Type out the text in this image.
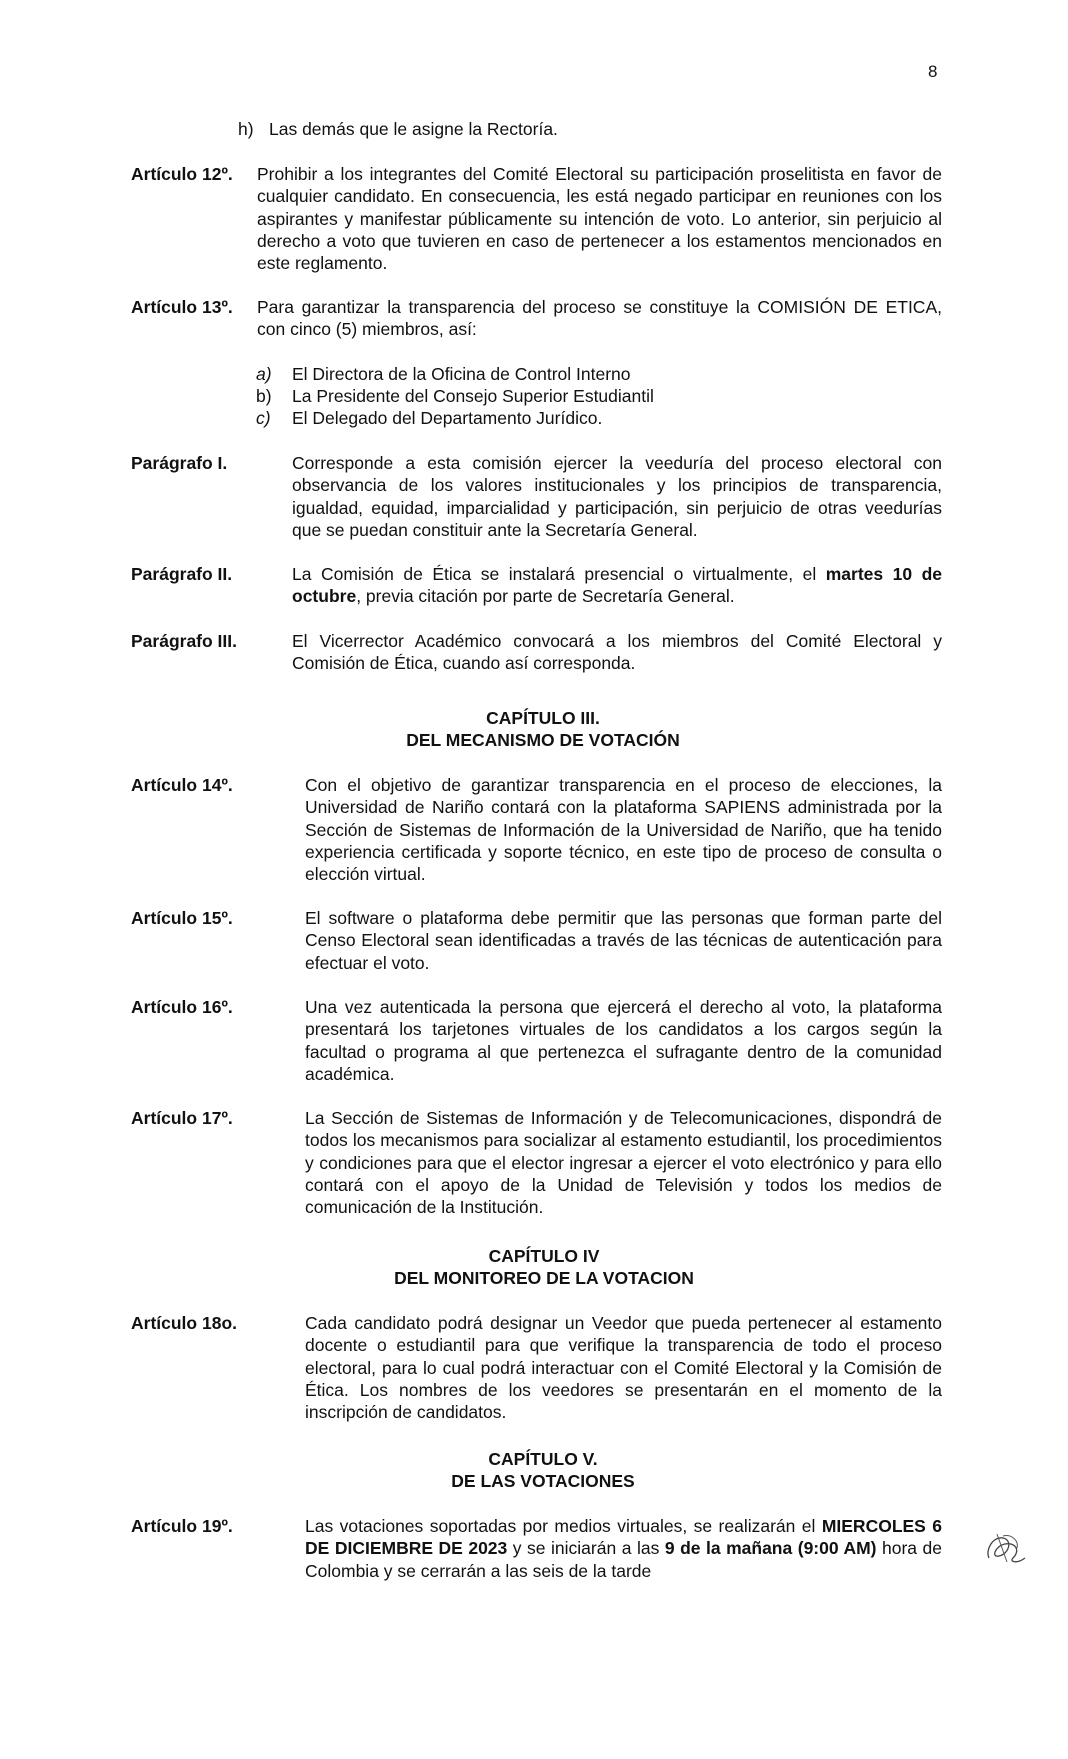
8
h) Las demás que le asigne la Rectoría.
Artículo 12º. Prohibir a los integrantes del Comité Electoral su participación proselitista en favor de cualquier candidato. En consecuencia, les está negado participar en reuniones con los aspirantes y manifestar públicamente su intención de voto. Lo anterior, sin perjuicio al derecho a voto que tuvieren en caso de pertenecer a los estamentos mencionados en este reglamento.
Artículo 13º. Para garantizar la transparencia del proceso se constituye la COMISIÓN DE ETICA, con cinco (5) miembros, así:
a) El Directora de la Oficina de Control Interno
b) La Presidente del Consejo Superior Estudiantil
c) El Delegado del Departamento Jurídico.
Parágrafo I.	Corresponde a esta comisión ejercer la veeduría del proceso electoral con observancia de los valores institucionales y los principios de transparencia, igualdad, equidad, imparcialidad y participación, sin perjuicio de otras veedurías que se puedan constituir ante la Secretaría General.
Parágrafo II.	La Comisión de Ética se instalará presencial o virtualmente, el martes 10 de octubre, previa citación por parte de Secretaría General.
Parágrafo III.	El Vicerrector Académico convocará a los miembros del Comité Electoral y Comisión de Ética, cuando así corresponda.
CAPÍTULO III.
DEL MECANISMO DE VOTACIÓN
Artículo 14º.	Con el objetivo de garantizar transparencia en el proceso de elecciones, la Universidad de Nariño contará con la plataforma SAPIENS administrada por la Sección de Sistemas de Información de la Universidad de Nariño, que ha tenido experiencia certificada y soporte técnico, en este tipo de proceso de consulta o elección virtual.
Artículo 15º.	El software o plataforma debe permitir que las personas que forman parte del Censo Electoral sean identificadas a través de las técnicas de autenticación para efectuar el voto.
Artículo 16º.	Una vez autenticada la persona que ejercerá el derecho al voto, la plataforma presentará los tarjetones virtuales de los candidatos a los cargos según la facultad o programa al que pertenezca el sufragante dentro de la comunidad académica.
Artículo 17º.	La Sección de Sistemas de Información y de Telecomunicaciones, dispondrá de todos los mecanismos para socializar al estamento estudiantil, los procedimientos y condiciones para que el elector ingresar a ejercer el voto electrónico y para ello contará con el apoyo de la Unidad de Televisión y todos los medios de comunicación de la Institución.
CAPÍTULO IV
DEL MONITOREO DE LA VOTACION
Artículo 18o.	Cada candidato podrá designar un Veedor que pueda pertenecer al estamento docente o estudiantil para que verifique la transparencia de todo el proceso electoral, para lo cual podrá interactuar con el Comité Electoral y la Comisión de Ética. Los nombres de los veedores se presentarán en el momento de la inscripción de candidatos.
CAPÍTULO V.
DE LAS VOTACIONES
Artículo 19º.	Las votaciones soportadas por medios virtuales, se realizarán el MIERCOLES 6 DE DICIEMBRE DE 2023 y se iniciarán a las 9 de la mañana (9:00 AM) hora de Colombia y se cerrarán a las seis de la tarde
